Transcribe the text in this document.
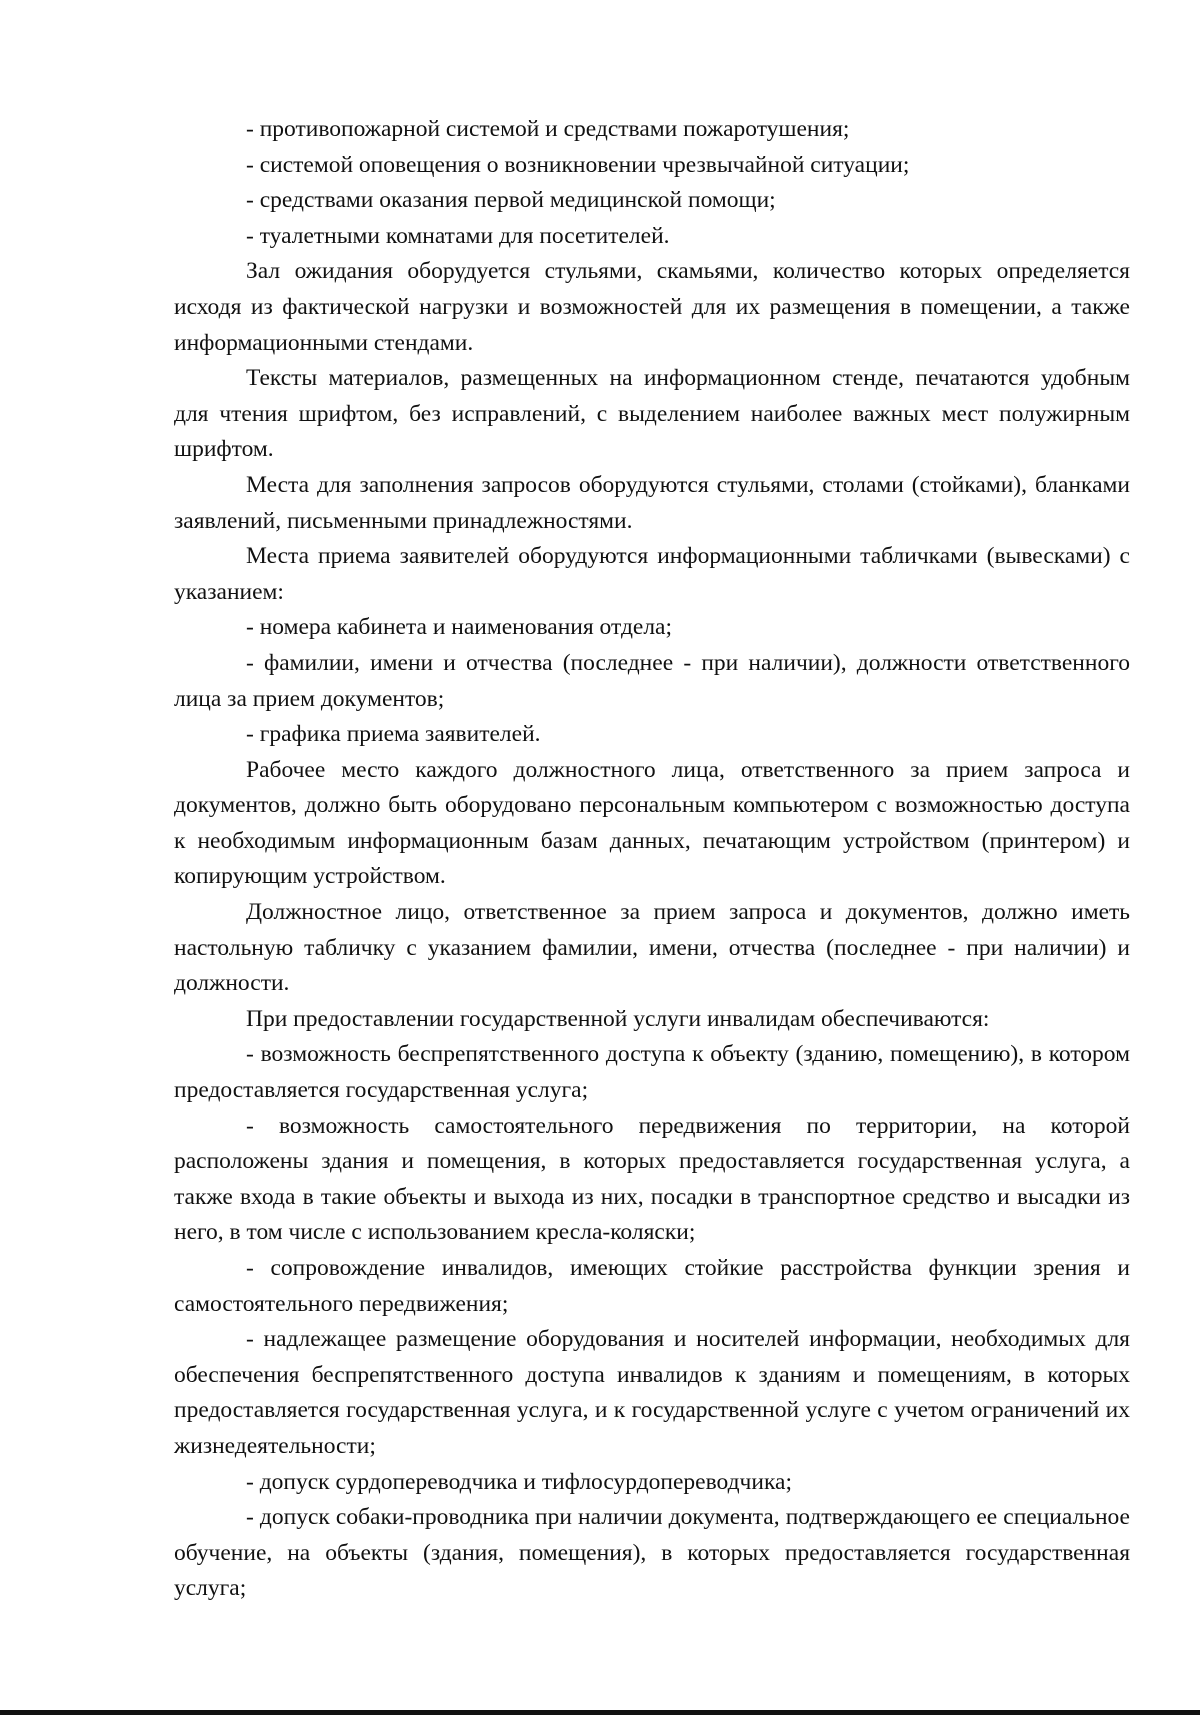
- противопожарной системой и средствами пожаротушения;

- системой оповещения о возникновении чрезвычайной ситуации;

- средствами оказания первой медицинской помощи;

- туалетными комнатами для посетителей.

Зал ожидания оборудуется стульями, скамьями, количество которых определяется исходя из фактической нагрузки и возможностей для их размещения в помещении, а также информационными стендами.

Тексты материалов, размещенных на информационном стенде, печатаются удобным для чтения шрифтом, без исправлений, с выделением наиболее важных мест полужирным шрифтом.

Места для заполнения запросов оборудуются стульями, столами (стойками), бланками заявлений, письменными принадлежностями.

Места приема заявителей оборудуются информационными табличками (вывесками) с указанием:

- номера кабинета и наименования отдела;

- фамилии, имени и отчества (последнее - при наличии), должности ответственного лица за прием документов;

- графика приема заявителей.

Рабочее место каждого должностного лица, ответственного за прием запроса и документов, должно быть оборудовано персональным компьютером с возможностью доступа к необходимым информационным базам данных, печатающим устройством (принтером) и копирующим устройством.

Должностное лицо, ответственное за прием запроса и документов, должно иметь настольную табличку с указанием фамилии, имени, отчества (последнее - при наличии) и должности.

При предоставлении государственной услуги инвалидам обеспечиваются:

- возможность беспрепятственного доступа к объекту (зданию, помещению), в котором предоставляется государственная услуга;

- возможность самостоятельного передвижения по территории, на которой расположены здания и помещения, в которых предоставляется государственная услуга, а также входа в такие объекты и выхода из них, посадки в транспортное средство и высадки из него, в том числе с использованием кресла-коляски;

- сопровождение инвалидов, имеющих стойкие расстройства функции зрения и самостоятельного передвижения;

- надлежащее размещение оборудования и носителей информации, необходимых для обеспечения беспрепятственного доступа инвалидов к зданиям и помещениям, в которых предоставляется государственная услуга, и к государственной услуге с учетом ограничений их жизнедеятельности;

- допуск сурдопереводчика и тифлосурдопереводчика;

- допуск собаки-проводника при наличии документа, подтверждающего ее специальное обучение, на объекты (здания, помещения), в которых предоставляется государственная услуга;
